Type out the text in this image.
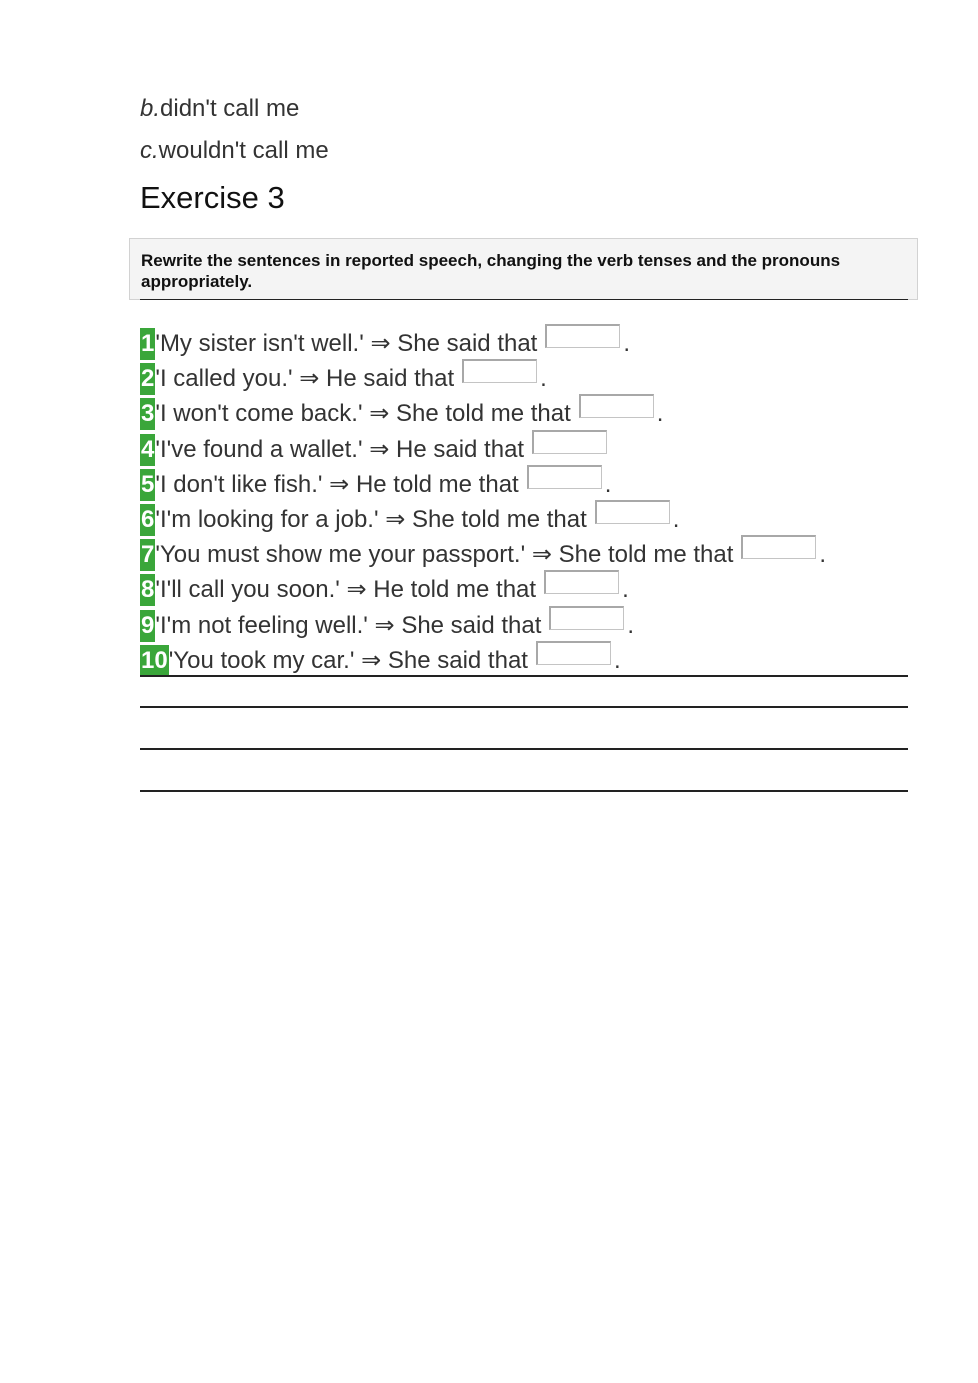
b.didn't call me
c.wouldn't call me
Exercise 3
Rewrite the sentences in reported speech, changing the verb tenses and the pronouns appropriately.
1 'My sister isn't well.' ⇒ She said that	.
2 'I called you.' ⇒ He said that	.
3 'I won't come back.' ⇒ She told me that	.
4 'I've found a wallet.' ⇒ He said that
5 'I don't like fish.' ⇒ He told me that	.
6 'I'm looking for a job.' ⇒ She told me that	.
7 'You must show me your passport.' ⇒ She told me that	.
8 'I'll call you soon.' ⇒ He told me that	.
9 'I'm not feeling well.' ⇒ She said that	.
10 'You took my car.' ⇒ She said that	.
